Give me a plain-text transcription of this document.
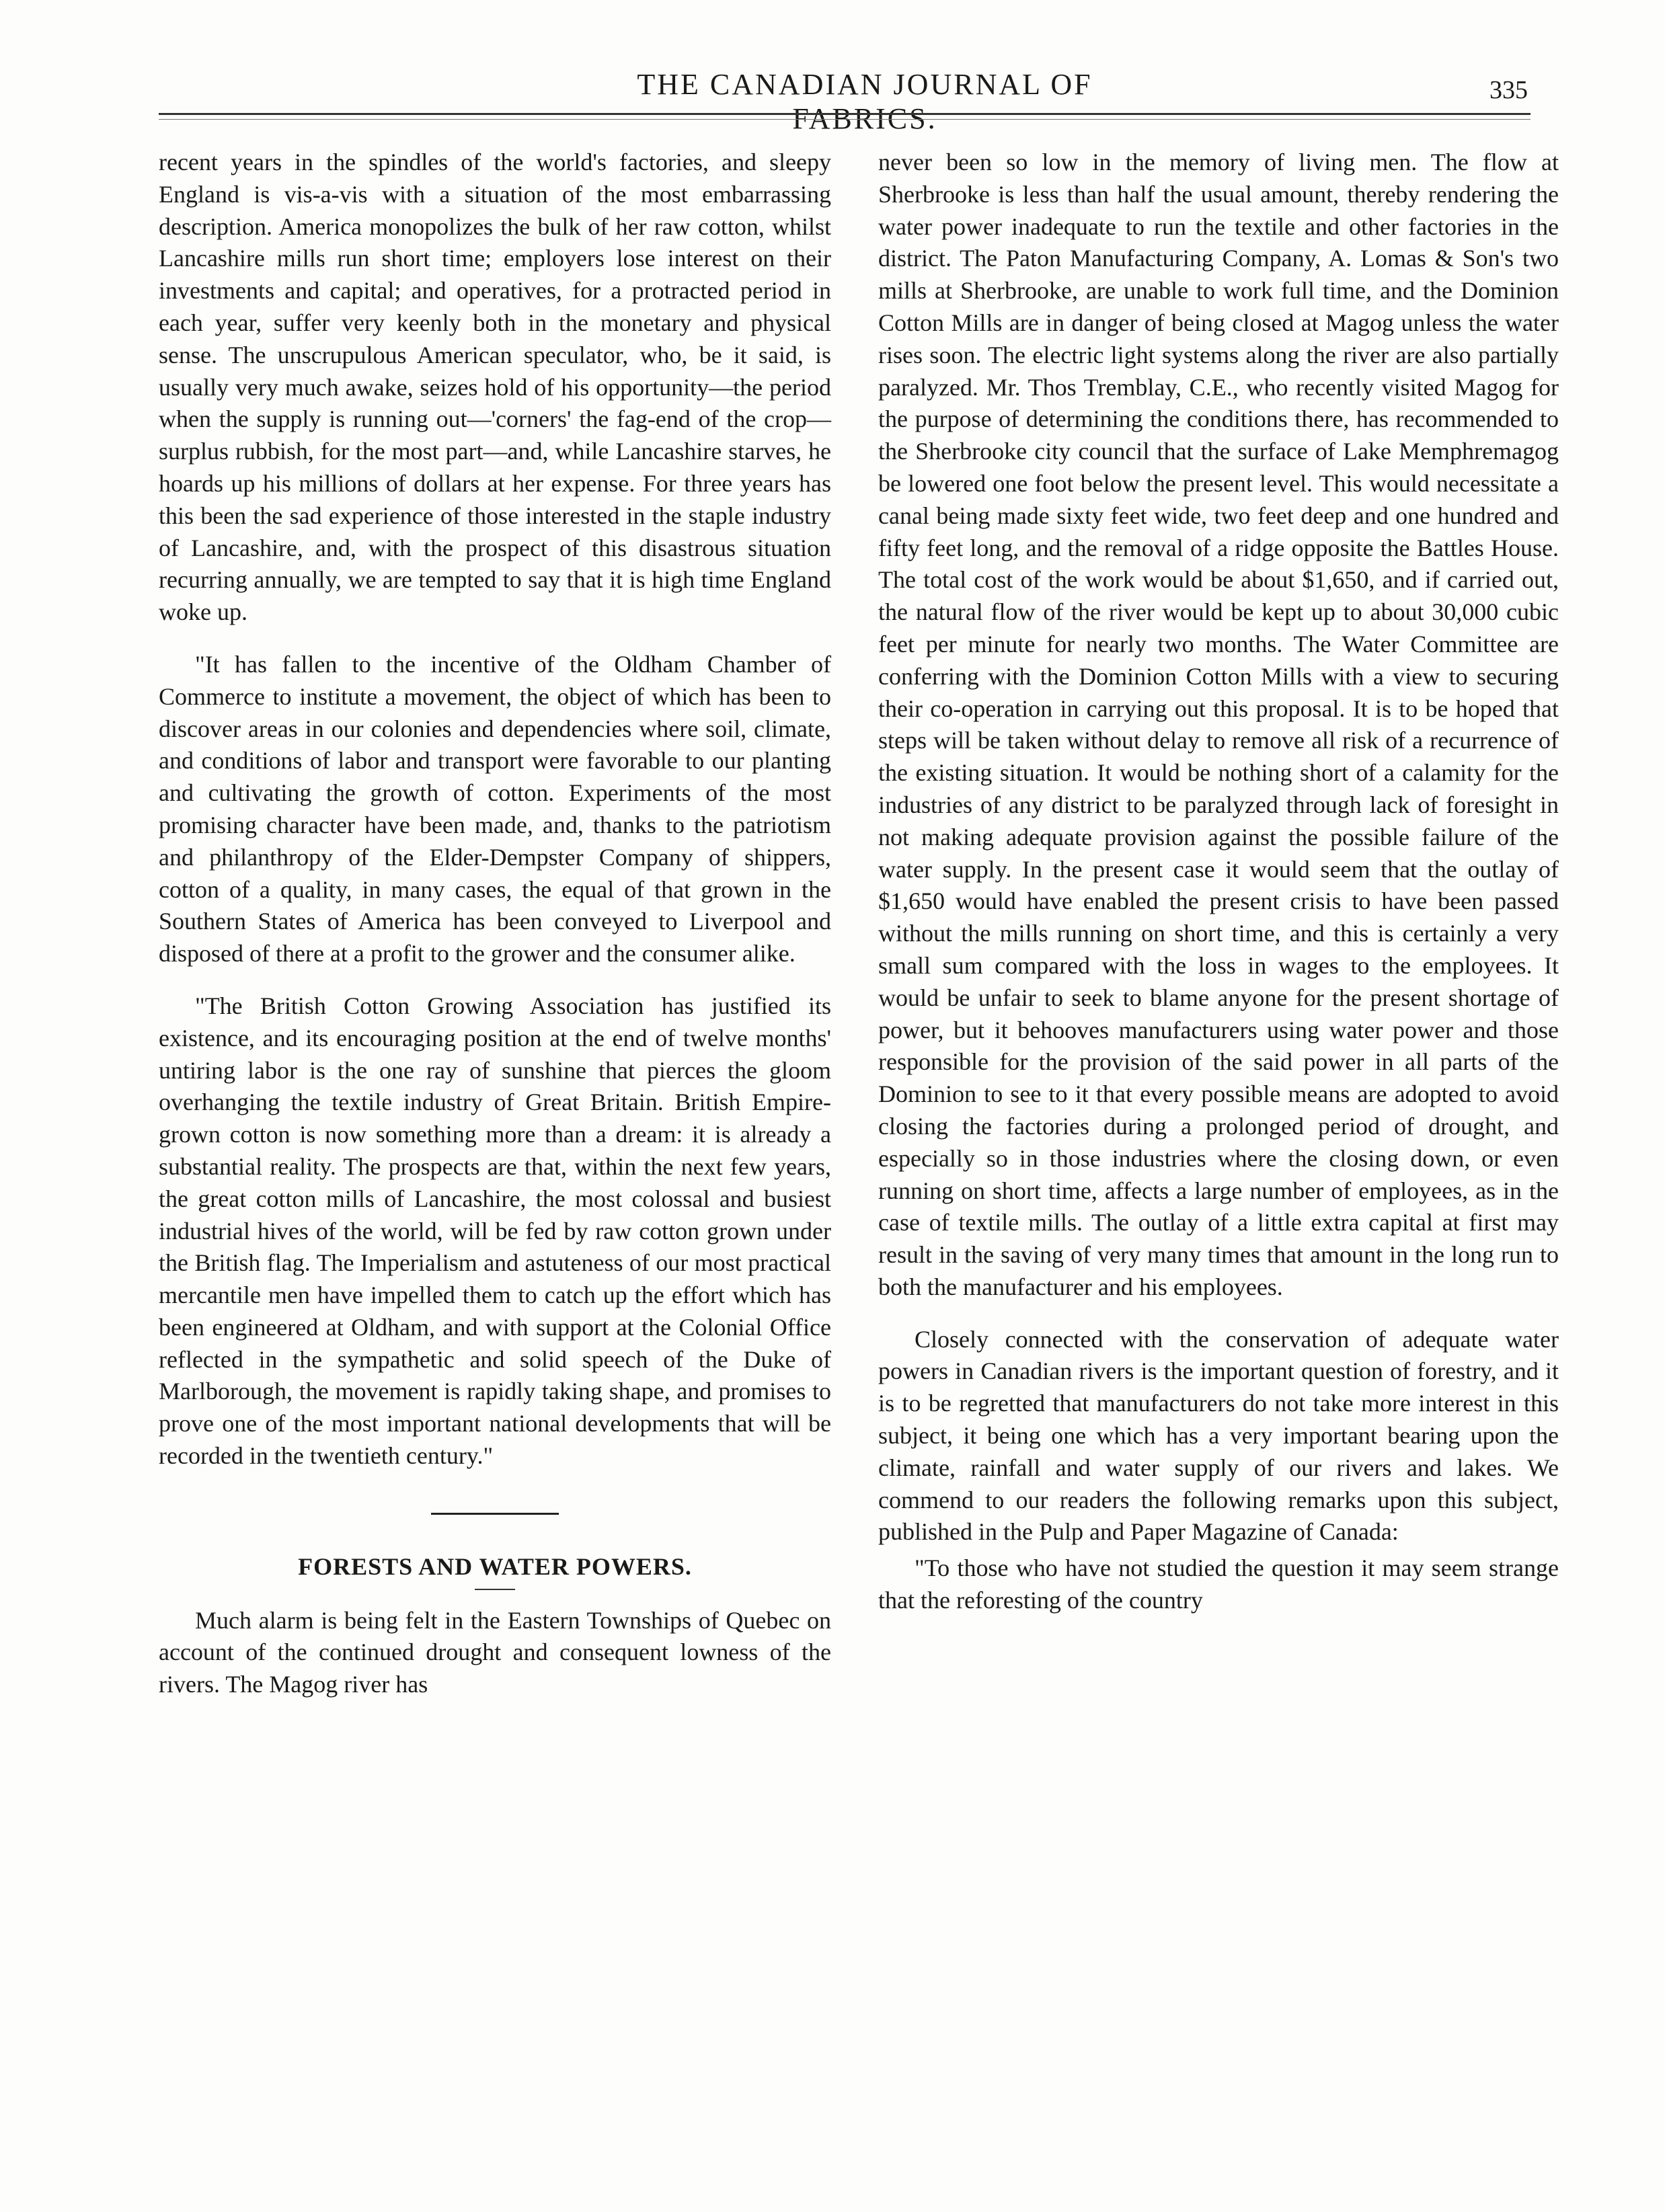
THE CANADIAN JOURNAL OF FABRICS.
335

recent years in the spindles of the world's factories, and sleepy England is vis-a-vis with a situation of the most embarrassing description. America monopolizes the bulk of her raw cotton, whilst Lancashire mills run short time; employers lose interest on their investments and capital; and operatives, for a protracted period in each year, suffer very keenly both in the monetary and physical sense. The unscrupulous American speculator, who, be it said, is usually very much awake, seizes hold of his opportunity—the period when the supply is running out—'corners' the fag-end of the crop—surplus rubbish, for the most part—and, while Lancashire starves, he hoards up his millions of dollars at her expense. For three years has this been the sad experience of those interested in the staple industry of Lancashire, and, with the prospect of this disastrous situation recurring annually, we are tempted to say that it is high time England woke up.

"It has fallen to the incentive of the Oldham Chamber of Commerce to institute a movement, the object of which has been to discover areas in our colonies and dependencies where soil, climate, and conditions of labor and transport were favorable to our planting and cultivating the growth of cotton. Experiments of the most promising character have been made, and, thanks to the patriotism and philanthropy of the Elder-Dempster Company of shippers, cotton of a quality, in many cases, the equal of that grown in the Southern States of America has been conveyed to Liverpool and disposed of there at a profit to the grower and the consumer alike.

"The British Cotton Growing Association has justified its existence, and its encouraging position at the end of twelve months' untiring labor is the one ray of sunshine that pierces the gloom overhanging the textile industry of Great Britain. British Empire-grown cotton is now something more than a dream: it is already a substantial reality. The prospects are that, within the next few years, the great cotton mills of Lancashire, the most colossal and busiest industrial hives of the world, will be fed by raw cotton grown under the British flag. The Imperialism and astuteness of our most practical mercantile men have impelled them to catch up the effort which has been engineered at Oldham, and with support at the Colonial Office reflected in the sympathetic and solid speech of the Duke of Marlborough, the movement is rapidly taking shape, and promises to prove one of the most important national developments that will be recorded in the twentieth century."

FORESTS AND WATER POWERS.

Much alarm is being felt in the Eastern Townships of Quebec on account of the continued drought and consequent lowness of the rivers. The Magog river has

never been so low in the memory of living men. The flow at Sherbrooke is less than half the usual amount, thereby rendering the water power inadequate to run the textile and other factories in the district. The Paton Manufacturing Company, A. Lomas & Son's two mills at Sherbrooke, are unable to work full time, and the Dominion Cotton Mills are in danger of being closed at Magog unless the water rises soon. The electric light systems along the river are also partially paralyzed. Mr. Thos Tremblay, C.E., who recently visited Magog for the purpose of determining the conditions there, has recommended to the Sherbrooke city council that the surface of Lake Memphremagog be lowered one foot below the present level. This would necessitate a canal being made sixty feet wide, two feet deep and one hundred and fifty feet long, and the removal of a ridge opposite the Battles House. The total cost of the work would be about $1,650, and if carried out, the natural flow of the river would be kept up to about 30,000 cubic feet per minute for nearly two months. The Water Committee are conferring with the Dominion Cotton Mills with a view to securing their co-operation in carrying out this proposal. It is to be hoped that steps will be taken without delay to remove all risk of a recurrence of the existing situation. It would be nothing short of a calamity for the industries of any district to be paralyzed through lack of foresight in not making adequate provision against the possible failure of the water supply. In the present case it would seem that the outlay of $1,650 would have enabled the present crisis to have been passed without the mills running on short time, and this is certainly a very small sum compared with the loss in wages to the employees. It would be unfair to seek to blame anyone for the present shortage of power, but it behooves manufacturers using water power and those responsible for the provision of the said power in all parts of the Dominion to see to it that every possible means are adopted to avoid closing the factories during a prolonged period of drought, and especially so in those industries where the closing down, or even running on short time, affects a large number of employees, as in the case of textile mills. The outlay of a little extra capital at first may result in the saving of very many times that amount in the long run to both the manufacturer and his employees.

Closely connected with the conservation of adequate water powers in Canadian rivers is the important question of forestry, and it is to be regretted that manufacturers do not take more interest in this subject, it being one which has a very important bearing upon the climate, rainfall and water supply of our rivers and lakes. We commend to our readers the following remarks upon this subject, published in the Pulp and Paper Magazine of Canada:

"To those who have not studied the question it may seem strange that the reforesting of the country
